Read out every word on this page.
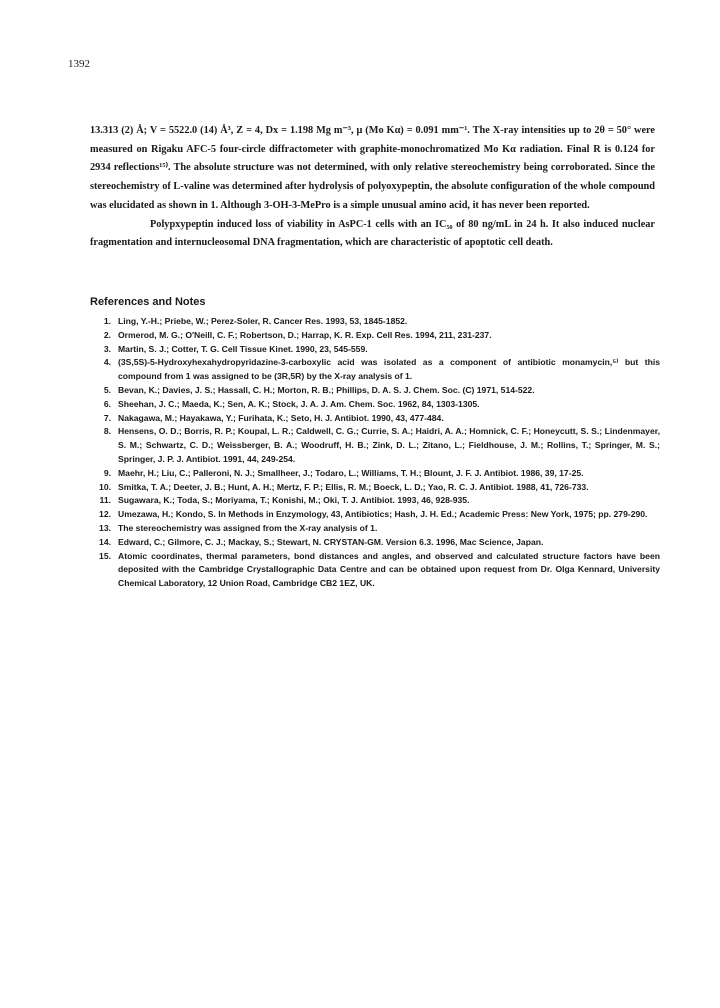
1392

13.313 (2) Å; V = 5522.0 (14) Å³, Z = 4, Dx = 1.198 Mg m⁻³, μ (Mo Kα) = 0.091 mm⁻¹. The X-ray intensities up to 2θ = 50° were measured on Rigaku AFC-5 four-circle diffractometer with graphite-monochromatized Mo Kα radiation. Final R is 0.124 for 2934 reflections¹⁵⁾. The absolute structure was not determined, with only relative stereochemistry being corroborated. Since the stereochemistry of L-valine was determined after hydrolysis of polyoxypeptin, the absolute configuration of the whole compound was elucidated as shown in 1. Although 3-OH-3-MePro is a simple unusual amino acid, it has never been reported.

Polypxypeptin induced loss of viability in AsPC-1 cells with an IC₅₀ of 80 ng/mL in 24 h. It also induced nuclear fragmentation and internucleosomal DNA fragmentation, which are characteristic of apoptotic cell death.

References and Notes
1. Ling, Y.-H.; Priebe, W.; Perez-Soler, R. Cancer Res. 1993, 53, 1845-1852.
2. Ormerod, M. G.; O'Neill, C. F.; Robertson, D.; Harrap, K. R. Exp. Cell Res. 1994, 211, 231-237.
3. Martin, S. J.; Cotter, T. G. Cell Tissue Kinet. 1990, 23, 545-559.
4. (3S,5S)-5-Hydroxyhexahydropyridazine-3-carboxylic acid was isolated as a component of antibiotic monamycin,⁵⁾ but this compound from 1 was assigned to be (3R,5R) by the X-ray analysis of 1.
5. Bevan, K.; Davies, J. S.; Hassall, C. H.; Morton, R. B.; Phillips, D. A. S. J. Chem. Soc. (C) 1971, 514-522.
6. Sheehan, J. C.; Maeda, K.; Sen, A. K.; Stock, J. A. J. Am. Chem. Soc. 1962, 84, 1303-1305.
7. Nakagawa, M.; Hayakawa, Y.; Furihata, K.; Seto, H. J. Antibiot. 1990, 43, 477-484.
8. Hensens, O. D.; Borris, R. P.; Koupal, L. R.; Caldwell, C. G.; Currie, S. A.; Haidri, A. A.; Homnick, C. F.; Honeycutt, S. S.; Lindenmayer, S. M.; Schwartz, C. D.; Weissberger, B. A.; Woodruff, H. B.; Zink, D. L.; Zitano, L.; Fieldhouse, J. M.; Rollins, T.; Springer, M. S.; Springer, J. P. J. Antibiot. 1991, 44, 249-254.
9. Maehr, H.; Liu, C.; Palleroni, N. J.; Smallheer, J.; Todaro, L.; Williams, T. H.; Blount, J. F. J. Antibiot. 1986, 39, 17-25.
10. Smitka, T. A.; Deeter, J. B.; Hunt, A. H.; Mertz, F. P.; Ellis, R. M.; Boeck, L. D.; Yao, R. C. J. Antibiot. 1988, 41, 726-733.
11. Sugawara, K.; Toda, S.; Moriyama, T.; Konishi, M.; Oki, T. J. Antibiot. 1993, 46, 928-935.
12. Umezawa, H.; Kondo, S. In Methods in Enzymology, 43, Antibiotics; Hash, J. H. Ed.; Academic Press: New York, 1975; pp. 279-290.
13. The stereochemistry was assigned from the X-ray analysis of 1.
14. Edward, C.; Gilmore, C. J.; Mackay, S.; Stewart, N. CRYSTAN-GM. Version 6.3. 1996, Mac Science, Japan.
15. Atomic coordinates, thermal parameters, bond distances and angles, and observed and calculated structure factors have been deposited with the Cambridge Crystallographic Data Centre and can be obtained upon request from Dr. Olga Kennard, University Chemical Laboratory, 12 Union Road, Cambridge CB2 1EZ, UK.
